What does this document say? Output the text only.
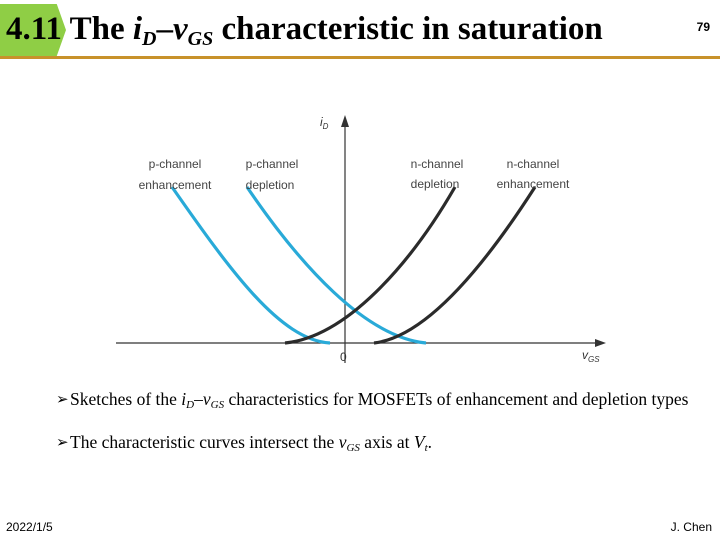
4.11 The $i_D-v_{GS}$ characteristic in saturation	79
$i_D$
$v_{GS}$
0
p-channel
enhancement
p-channel
depletion
n-channel
depletion
n-channel
enhancement
➢ Sketches of the $i_D-v_{GS}$ characteristics for MOSFETs of enhancement and depletion types
➢ The characteristic curves intersect the $v_{GS}$ axis at $V_t$.
2022/1/5	J. Chen
